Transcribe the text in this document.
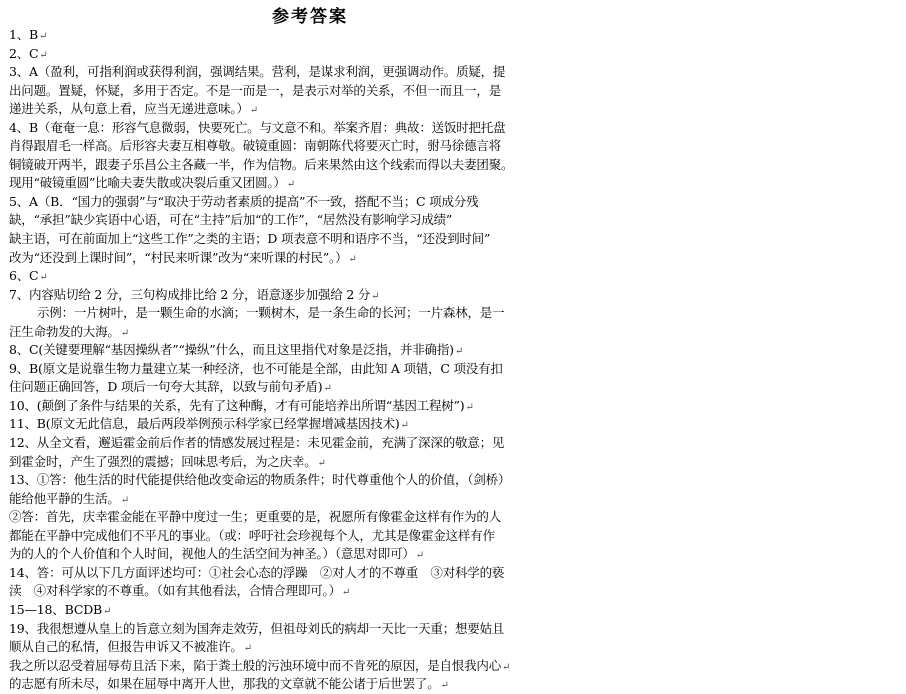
参考答案
1、B↵
2、C↵
3、A（盈利，可指利润或获得利润，强调结果。营利，是谋求利润，更强调动作。质疑，提
出问题。置疑，怀疑，多用于否定。不是一而是一，是表示对举的关系，不但一而且一，是
递进关系，从句意上看，应当无递进意味。）↵
4、B（奄奄一息：形容气息微弱，快要死亡。与文意不和。举案齐眉：典故：送饭时把托盘
肖得跟眉毛一样高。后形容夫妻互相尊敬。破镜重圆：南朝陈代将要灭亡时，驸马徐德言将
铜镜破开两半，跟妻子乐昌公主各藏一半，作为信物。后来果然由这个线索而得以夫妻团聚。
现用“破镜重圆”比喻夫妻失散或决裂后重又团圆。）↵
5、A（B．“国力的强弱”与“取决于劳动者素质的提高”不一致，搭配不当；C 项成分残
缺，“承担”缺少宾语中心语，可在“主持”后加“的工作”，“居然没有影响学习成绩”
缺主语，可在前面加上“这些工作”之类的主语；D 项表意不明和语序不当，“还没到时间”
改为“还没到上课时间”，“村民来听课”改为“来听课的村民”。）↵
6、C↵
7、内容贴切给 2 分，三句构成排比给 2 分，语意逐步加强给 2 分↵
示例：一片树叶，是一颗生命的水滴；一颗树木，是一条生命的长河；一片森林，是一
汪生命勃发的大海。↵
8、C(关键要理解“基因操纵者”“操纵”什么，而且这里指代对象是泛指，并非确指)↵
9、B(原文是说靠生物力量建立某一种经济，也不可能是全部，由此知 A 项错，C 项没有扣
住问题正确回答，D 项后一句夸大其辞，以致与前句矛盾)↵
10、(颠倒了条件与结果的关系，先有了这种酶，才有可能培养出所谓“基因工程树”)↵
11、B(原文无此信息，最后两段举例预示科学家已经掌握增减基因技术)↵
12、从全文看，邂逅霍金前后作者的情感发展过程是：未见霍金前，充满了深深的敬意；见
到霍金时，产生了强烈的震撼；回味思考后，为之庆幸。↵
13、①答：他生活的时代能提供给他改变命运的物质条件；时代尊重他个人的价值，（剑桥）
能给他平静的生活。↵
②答：首先，庆幸霍金能在平静中度过一生；更重要的是，祝愿所有像霍金这样有作为的人
都能在平静中完成他们不平凡的事业。（或：呼吁社会珍视每个人，尤其是像霍金这样有作
为的人的个人价值和个人时间，视他人的生活空间为神圣。）（意思对即可）↵
14、答：可从以下几方面评述均可：①社会心态的浮躁　②对人才的不尊重　③对科学的亵
渎　④对科学家的不尊重。（如有其他看法，合情合理即可。）↵
15—18、BCDB↵
19、我很想遵从皇上的旨意立刻为国奔走效劳，但祖母刘氏的病却一天比一天重；想要姑且
顺从自己的私情，但报告申诉又不被准许。↵
我之所以忍受着屈辱苟且活下来，陷于粪土般的污浊环境中而不肯死的原因，是自恨我内心↵
的志愿有所未尽，如果在屈辱中离开人世，那我的文章就不能公诸于后世罢了。↵
